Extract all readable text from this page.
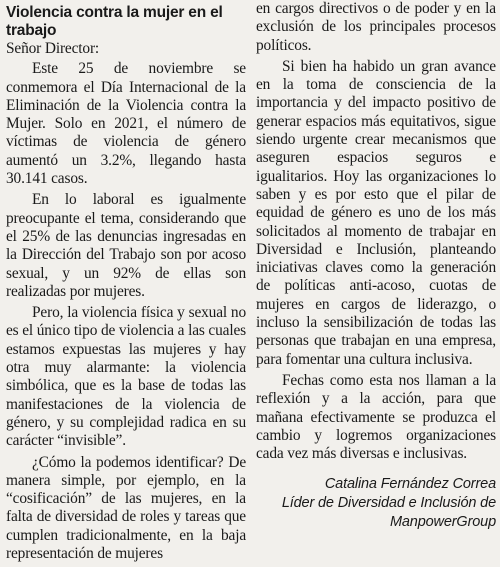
Violencia contra la mujer en el trabajo
Señor Director:

Este 25 de noviembre se conmemora el Día Internacional de la Eliminación de la Violencia contra la Mujer. Solo en 2021, el número de víctimas de violencia de género aumentó un 3.2%, llegando hasta 30.141 casos.

En lo laboral es igualmente preocupante el tema, considerando que el 25% de las denuncias ingresadas en la Dirección del Trabajo son por acoso sexual, y un 92% de ellas son realizadas por mujeres.

Pero, la violencia física y sexual no es el único tipo de violencia a las cuales estamos expuestas las mujeres y hay otra muy alarmante: la violencia simbólica, que es la base de todas las manifestaciones de la violencia de género, y su complejidad radica en su carácter “invisible”.

¿Cómo la podemos identificar? De manera simple, por ejemplo, en la “cosificación” de las mujeres, en la falta de diversidad de roles y tareas que cumplen tradicionalmente, en la baja representación de mujeres

en cargos directivos o de poder y en la exclusión de los principales procesos políticos.

Si bien ha habido un gran avance en la toma de consciencia de la importancia y del impacto positivo de generar espacios más equitativos, sigue siendo urgente crear mecanismos que aseguren espacios seguros e igualitarios. Hoy las organizaciones lo saben y es por esto que el pilar de equidad de género es uno de los más solicitados al momento de trabajar en Diversidad e Inclusión, planteando iniciativas claves como la generación de políticas anti-acoso, cuotas de mujeres en cargos de liderazgo, o incluso la sensibilización de todas las personas que trabajan en una empresa, para fomentar una cultura inclusiva.

Fechas como esta nos llaman a la reflexión y a la acción, para que mañana efectivamente se produzca el cambio y logremos organizaciones cada vez más diversas e inclusivas.

Catalina Fernández Correa
Líder de Diversidad e Inclusión de
ManpowerGroup
